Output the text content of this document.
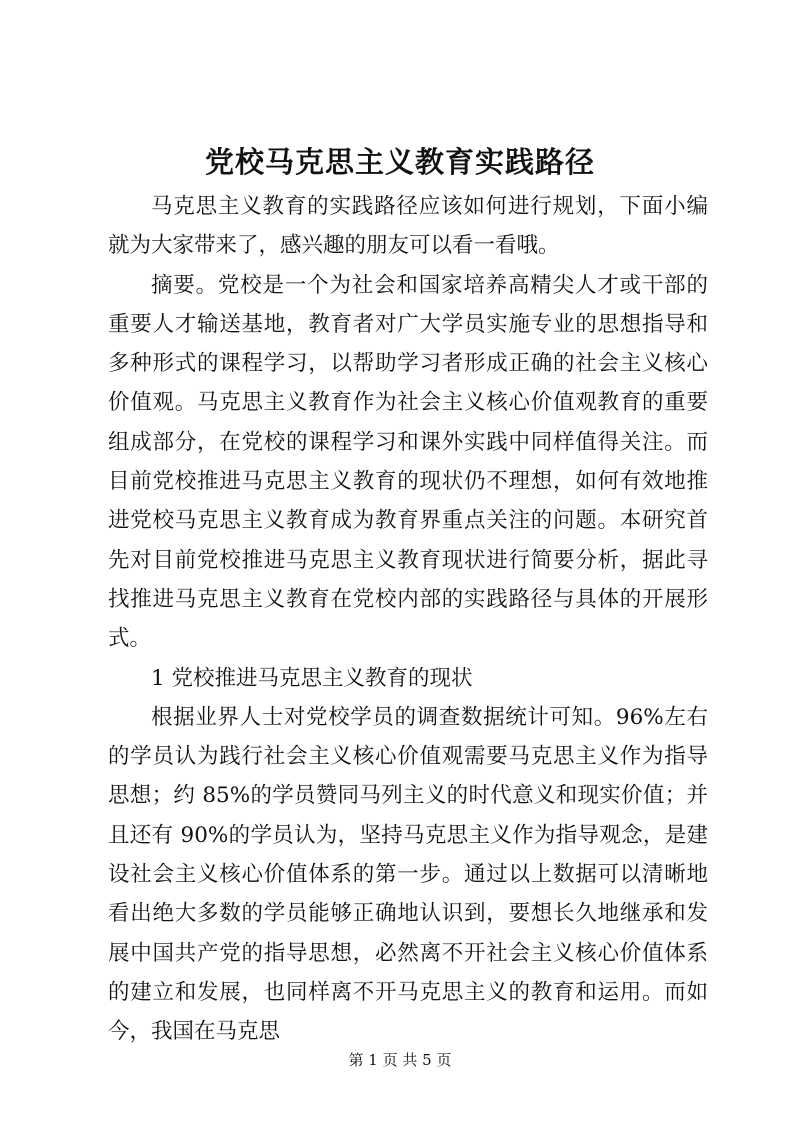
党校马克思主义教育实践路径

马克思主义教育的实践路径应该如何进行规划，下面小编就为大家带来了，感兴趣的朋友可以看一看哦。

摘要。党校是一个为社会和国家培养高精尖人才或干部的重要人才输送基地，教育者对广大学员实施专业的思想指导和多种形式的课程学习，以帮助学习者形成正确的社会主义核心价值观。马克思主义教育作为社会主义核心价值观教育的重要组成部分，在党校的课程学习和课外实践中同样值得关注。而目前党校推进马克思主义教育的现状仍不理想，如何有效地推进党校马克思主义教育成为教育界重点关注的问题。本研究首先对目前党校推进马克思主义教育现状进行简要分析，据此寻找推进马克思主义教育在党校内部的实践路径与具体的开展形式。

1 党校推进马克思主义教育的现状

根据业界人士对党校学员的调查数据统计可知。96%左右的学员认为践行社会主义核心价值观需要马克思主义作为指导思想；约 85%的学员赞同马列主义的时代意义和现实价值；并且还有 90%的学员认为，坚持马克思主义作为指导观念，是建设社会主义核心价值体系的第一步。通过以上数据可以清晰地看出绝大多数的学员能够正确地认识到，要想长久地继承和发展中国共产党的指导思想，必然离不开社会主义核心价值体系的建立和发展，也同样离不开马克思主义的教育和运用。而如今，我国在马克思

第 1 页 共 5 页
